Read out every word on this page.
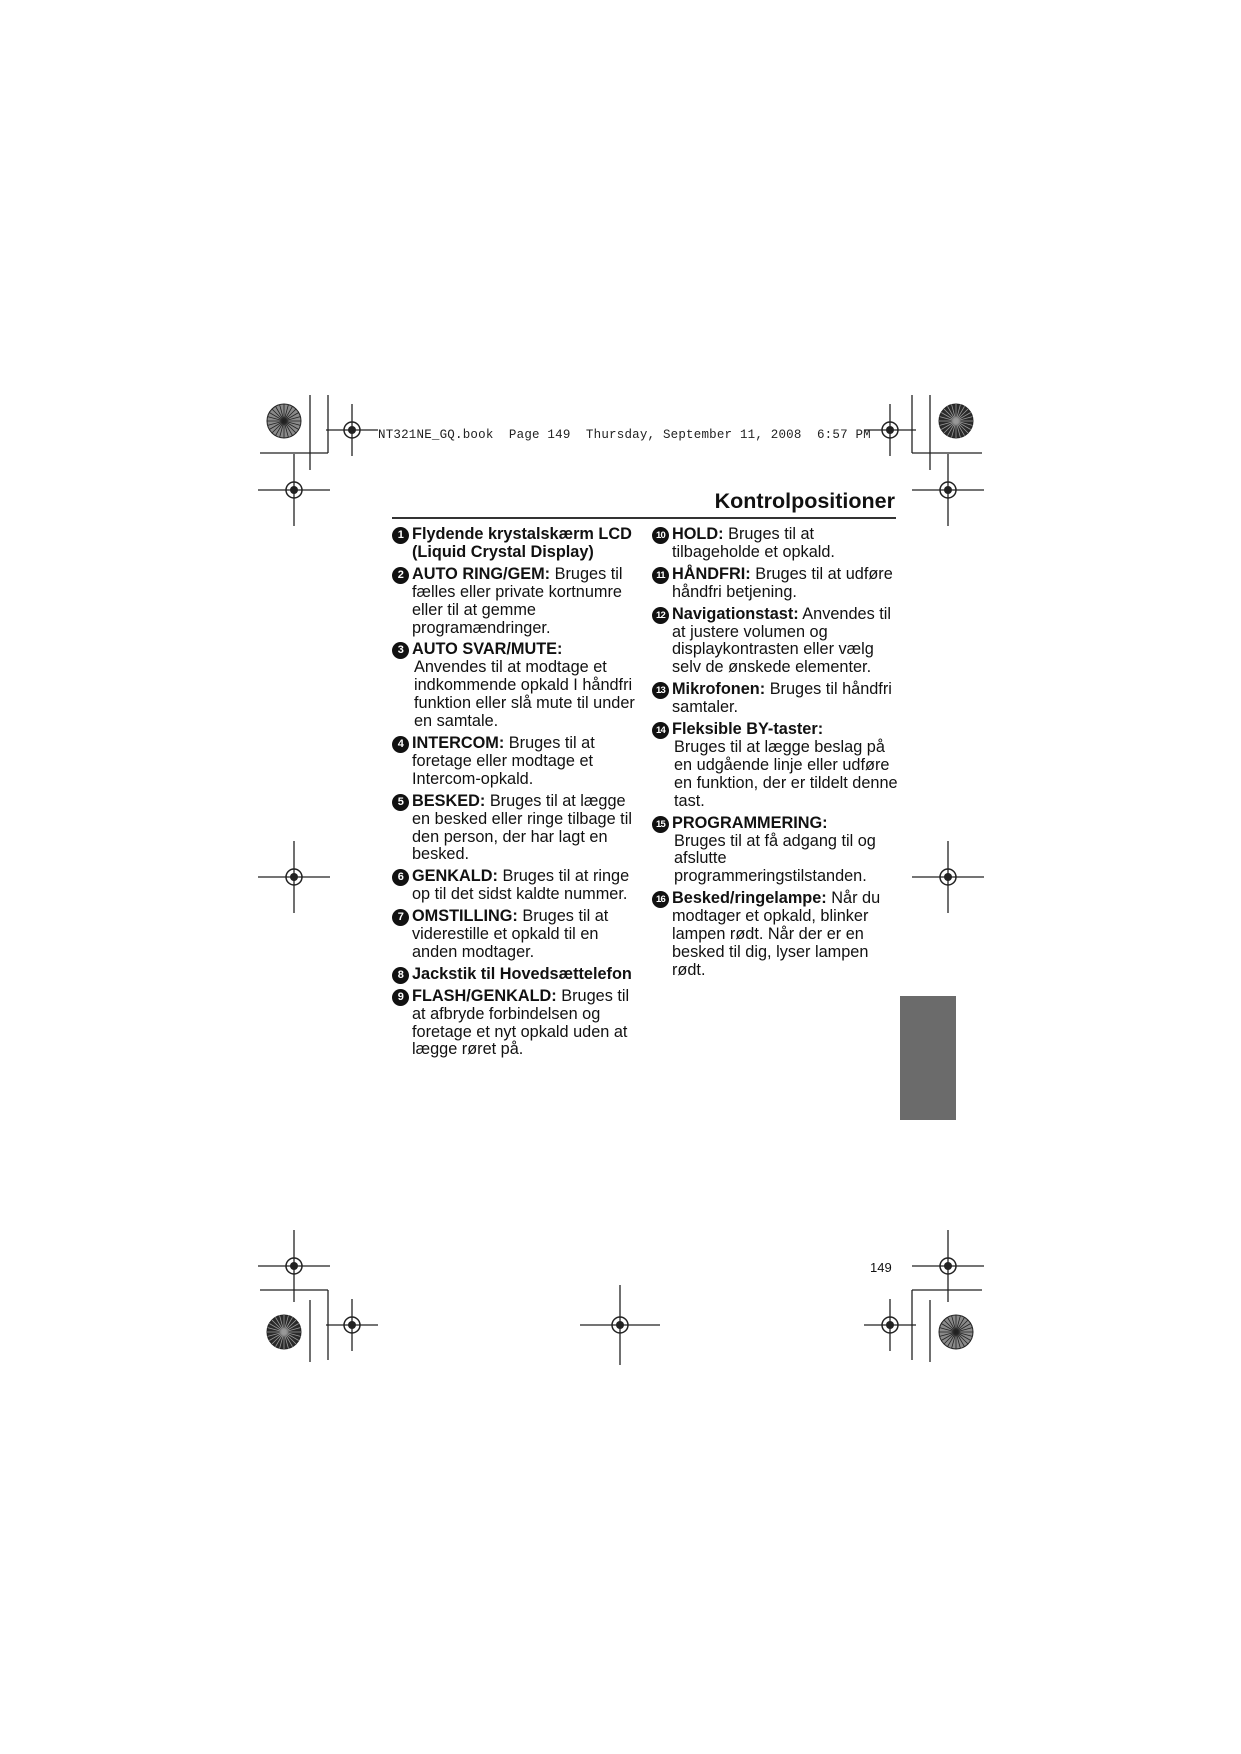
NT321NE_GQ.book  Page 149  Thursday, September 11, 2008  6:57 PM
Kontrolpositioner
1 Flydende krystalskærm LCD (Liquid Crystal Display)
2 AUTO RING/GEM: Bruges til fælles eller private kortnumre eller til at gemme programændringer.
3 AUTO SVAR/MUTE:
Anvendes til at modtage et indkommende opkald I håndfri funktion eller slå mute til under en samtale.
4 INTERCOM: Bruges til at foretage eller modtage et Intercom-opkald.
5 BESKED: Bruges til at lægge en besked eller ringe tilbage til den person, der har lagt en besked.
6 GENKALD: Bruges til at ringe op til det sidst kaldte nummer.
7 OMSTILLING: Bruges til at viderestille et opkald til en anden modtager.
8 Jackstik til Hovedsættelefon
9 FLASH/GENKALD: Bruges til at afbryde forbindelsen og foretage et nyt opkald uden at lægge røret på.
10 HOLD: Bruges til at tilbageholde et opkald.
11 HÅNDFRI: Bruges til at udføre håndfri betjening.
12 Navigationstast: Anvendes til at justere volumen og displaykontrasten eller vælg selv de ønskede elementer.
13 Mikrofonen: Bruges til håndfri samtaler.
14 Fleksible BY-taster:
Bruges til at lægge beslag på en udgående linje eller udføre en funktion, der er tildelt denne tast.
15 PROGRAMMERING:
Bruges til at få adgang til og afslutte programmeringstilstanden.
16 Besked/ringelampe: Når du modtager et opkald, blinker lampen rødt. Når der er en besked til dig, lyser lampen rødt.
149
